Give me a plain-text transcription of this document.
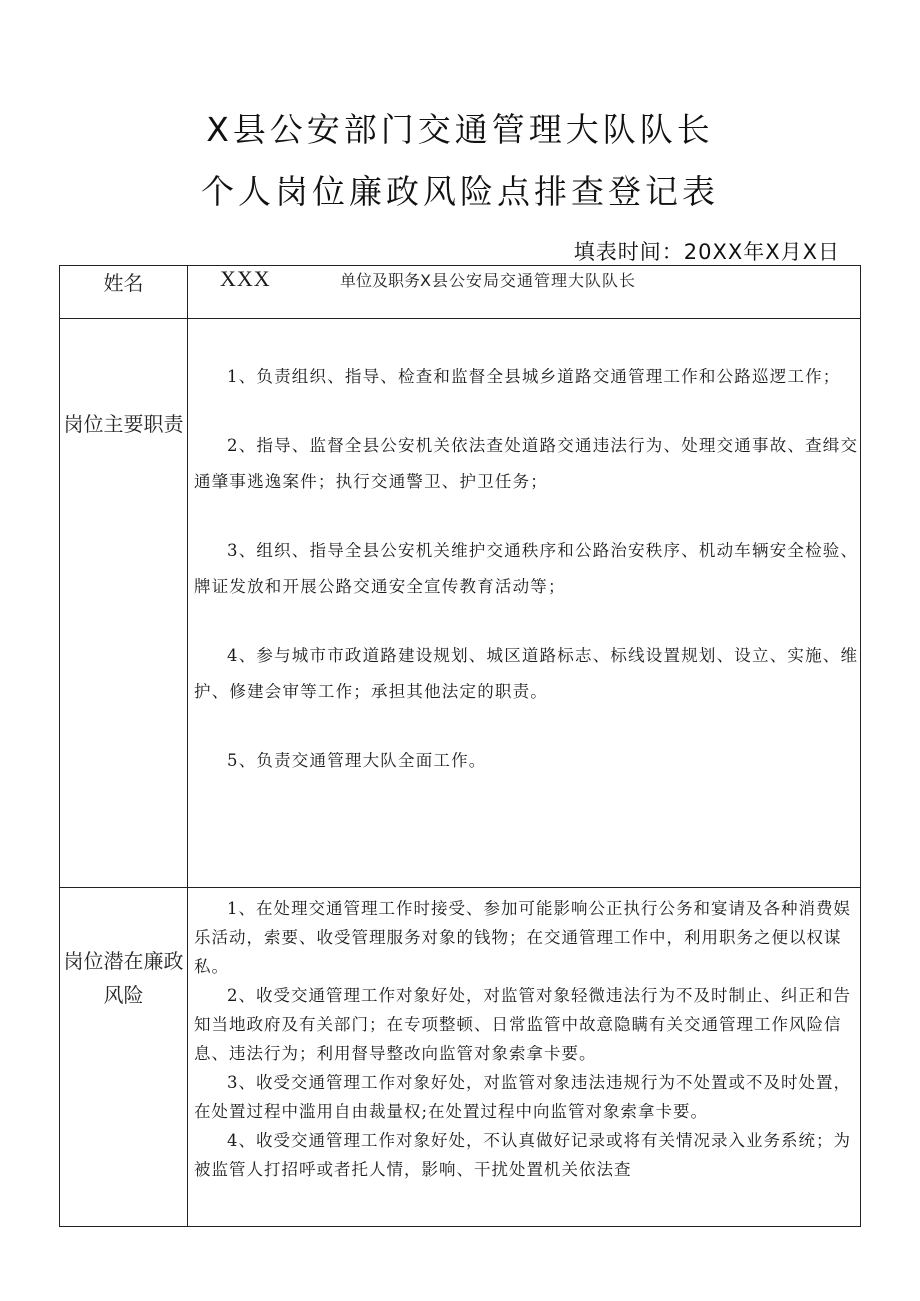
X县公安部门交通管理大队队长
个人岗位廉政风险点排查登记表
填表时间：20XX年X月X日
姓名	XXX 单位及职务X县公安局交通管理大队队长

岗位主要职责	1、负责组织、指导、检查和监督全县城乡道路交通管理工作和公路巡逻工作；

2、指导、监督全县公安机关依法查处道路交通违法行为、处理交通事故、查缉交通肇事逃逸案件；执行交通警卫、护卫任务；

3、组织、指导全县公安机关维护交通秩序和公路治安秩序、机动车辆安全检验、牌证发放和开展公路交通安全宣传教育活动等；

4、参与城市市政道路建设规划、城区道路标志、标线设置规划、设立、实施、维护、修建会审等工作；承担其他法定的职责。

5、负责交通管理大队全面工作。

岗位潜在廉政风险	1、在处理交通管理工作时接受、参加可能影响公正执行公务和宴请及各种消费娱乐活动，索要、收受管理服务对象的钱物；在交通管理工作中，利用职务之便以权谋私。

2、收受交通管理工作对象好处，对监管对象轻微违法行为不及时制止、纠正和告知当地政府及有关部门；在专项整顿、日常监管中故意隐瞒有关交通管理工作风险信息、违法行为；利用督导整改向监管对象索拿卡要。

3、收受交通管理工作对象好处，对监管对象违法违规行为不处置或不及时处置，在处置过程中滥用自由裁量权;在处置过程中向监管对象索拿卡要。

4、收受交通管理工作对象好处，不认真做好记录或将有关情况录入业务系统；为被监管人打招呼或者托人情，影响、干扰处置机关依法查
